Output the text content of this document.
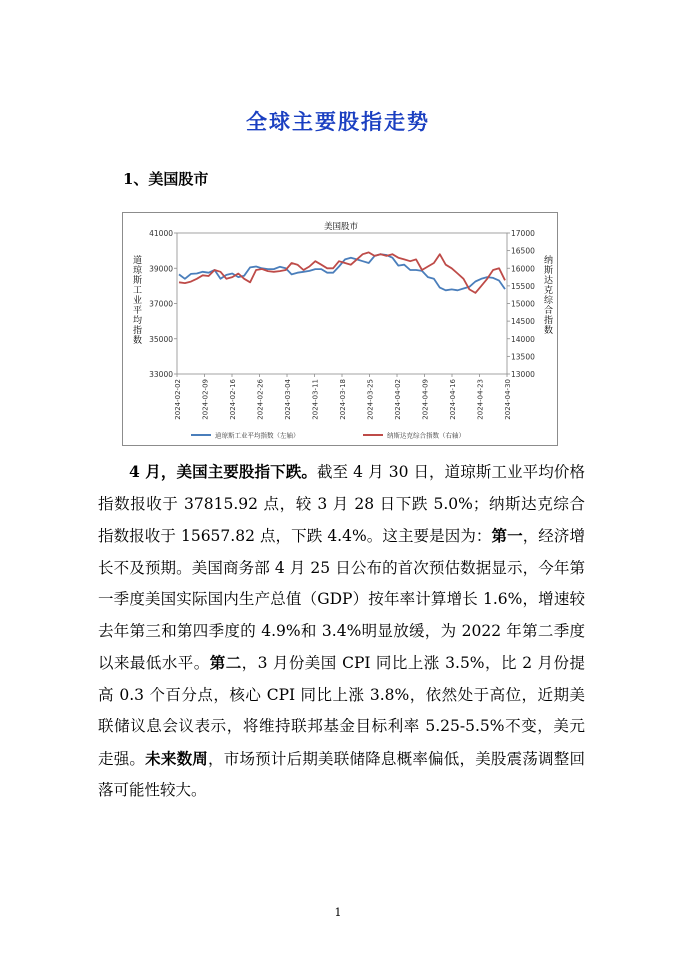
全球主要股指走势
1、美国股市
美国股市
道琼斯工业平均指数	纳斯达克综合指数
33000
35000
37000
39000
41000
13000
13500
14000
14500
15000
15500
16000
16500
17000
2024-02-02	2024-02-09	2024-02-16	2024-02-26	2024-03-04	2024-03-11	2024-03-18	2024-03-25	2024-04-02	2024-04-09	2024-04-16	2024-04-23	2024-04-30
道琼斯工业平均指数（左轴）	纳斯达克综合指数（右轴）

4 月，美国主要股指下跌。截至 4 月 30 日，道琼斯工业平均价格指数报收于 37815.92 点，较 3 月 28 日下跌 5.0%；纳斯达克综合指数报收于 15657.82 点，下跌 4.4%。这主要是因为：第一，经济增长不及预期。美国商务部 4 月 25 日公布的首次预估数据显示，今年第一季度美国实际国内生产总值（GDP）按年率计算增长 1.6%，增速较去年第三和第四季度的 4.9%和 3.4%明显放缓，为 2022 年第二季度以来最低水平。第二，3 月份美国 CPI 同比上涨 3.5%，比 2 月份提高 0.3 个百分点，核心 CPI 同比上涨 3.8%，依然处于高位，近期美联储议息会议表示，将维持联邦基金目标利率 5.25-5.5%不变，美元走强。未来数周，市场预计后期美联储降息概率偏低，美股震荡调整回落可能性较大。

1
